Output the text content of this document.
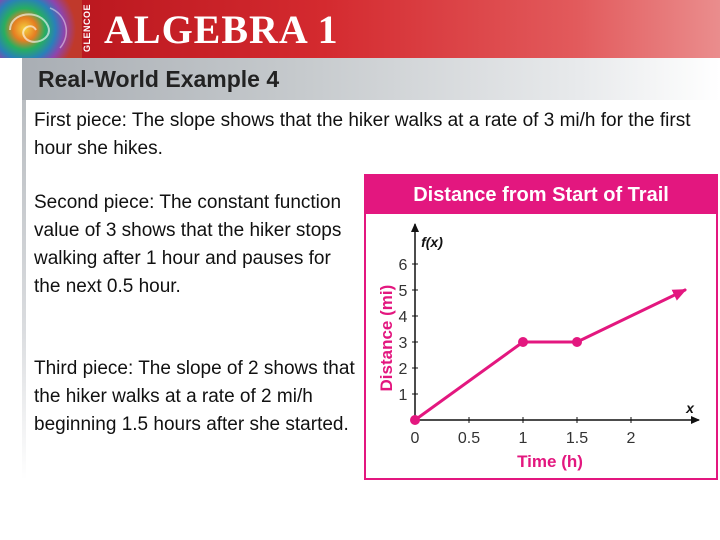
GLENCOE ALGEBRA 1
Real-World Example 4

First piece: The slope shows that the hiker walks at a rate of 3 mi/h for the first hour she hikes.

Second piece: The constant function value of 3 shows that the hiker stops walking after 1 hour and pauses for the next 0.5 hour.

Third piece: The slope of 2 shows that the hiker walks at a rate of 2 mi/h beginning 1.5 hours after she started.

Distance from Start of Trail
f(x)
x
0 0.5 1 1.5 2
1
2
3
4
5
6
Time (h)
Distance (mi)
